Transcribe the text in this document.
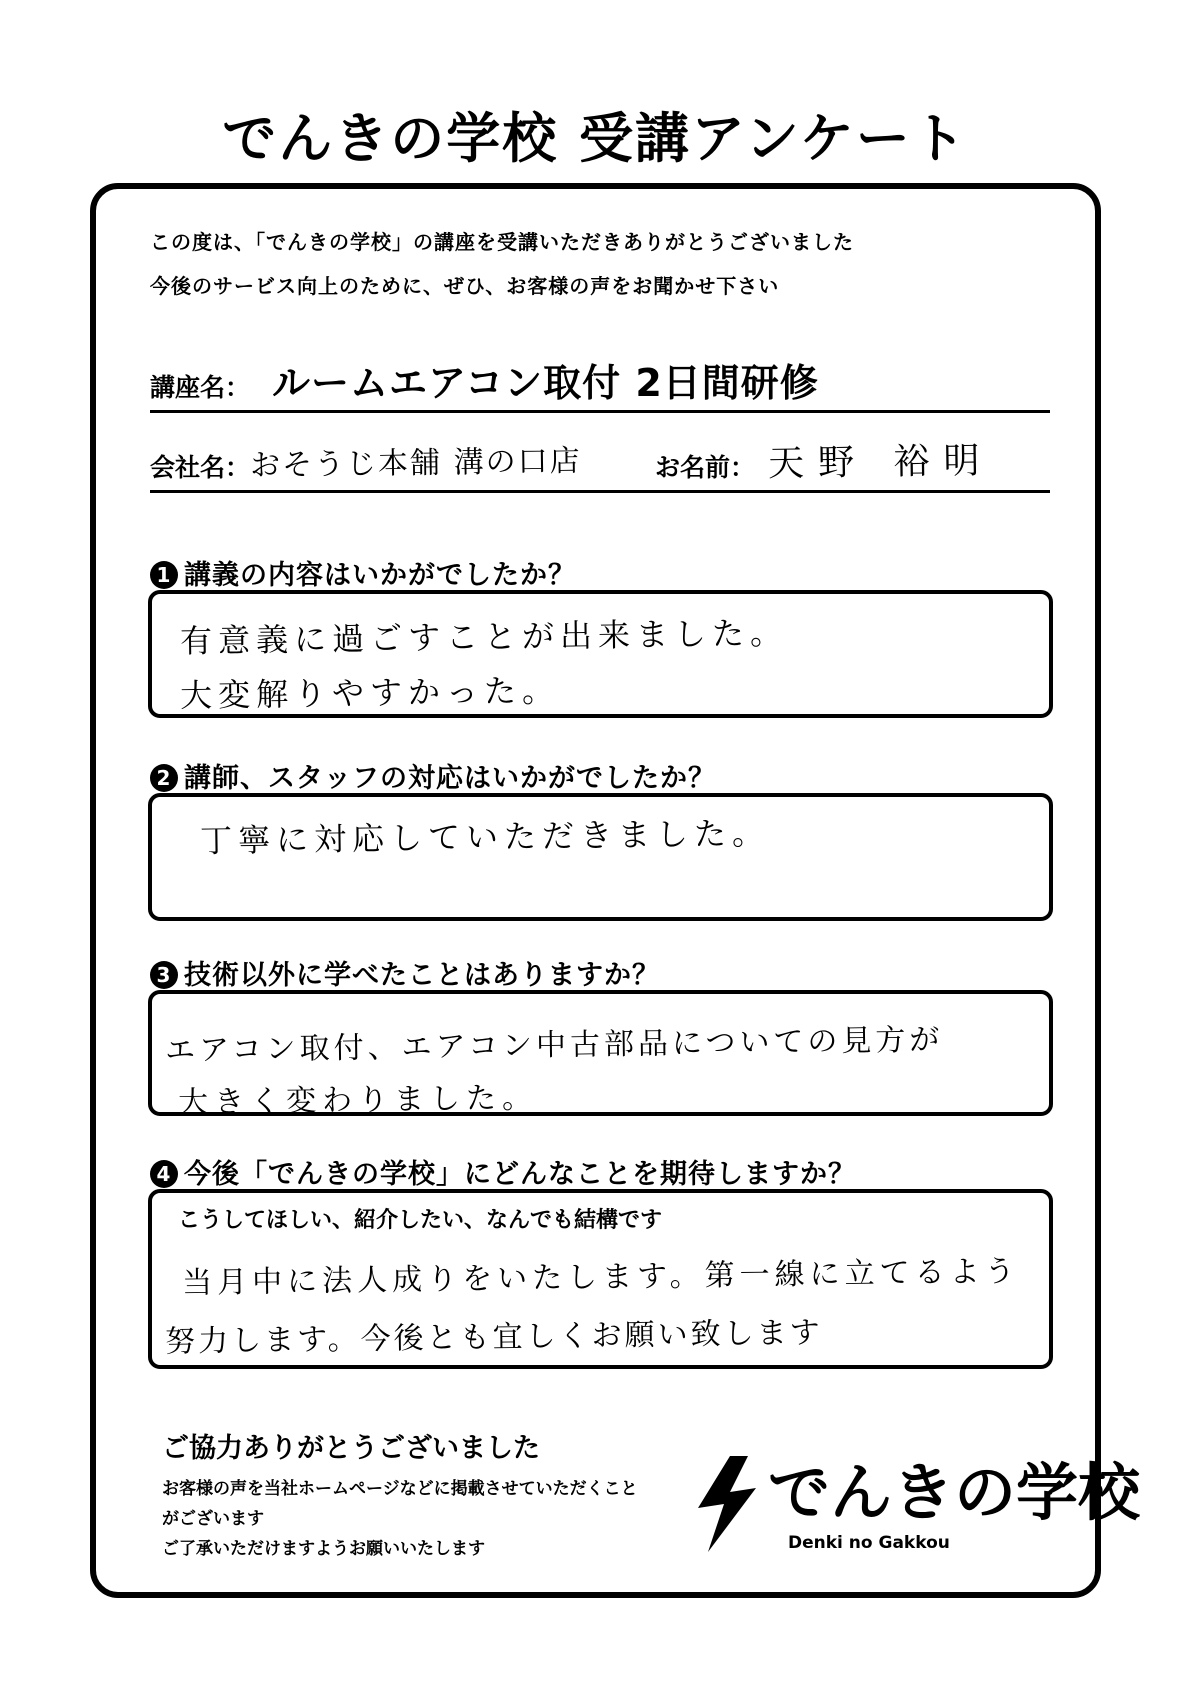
でんきの学校 受講アンケート
この度は、「でんきの学校」の講座を受講いただきありがとうございました
今後のサービス向上のために、ぜひ、お客様の声をお聞かせ下さい
講座名： ルームエアコン取付 2日間研修
会社名： おそうじ本舗 溝の口店	お名前： 天野 裕明
1 講義の内容はいかがでしたか？
有意義に過ごすことが出来ました。
大変解りやすかった。
2 講師、スタッフの対応はいかがでしたか？
丁寧に対応していただきました。
3 技術以外に学べたことはありますか？
エアコン取付、エアコン中古部品についての見方が
大きく変わりました。
4 今後「でんきの学校」にどんなことを期待しますか？
こうしてほしい、紹介したい、なんでも結構です
当月中に法人成りをいたします。第一線に立てるよう
努力します。今後とも宜しくお願い致します
ご協力ありがとうございました
お客様の声を当社ホームページなどに掲載させていただくこと
がございます
ご了承いただけますようお願いいたします
でんきの学校
Denki no Gakkou
